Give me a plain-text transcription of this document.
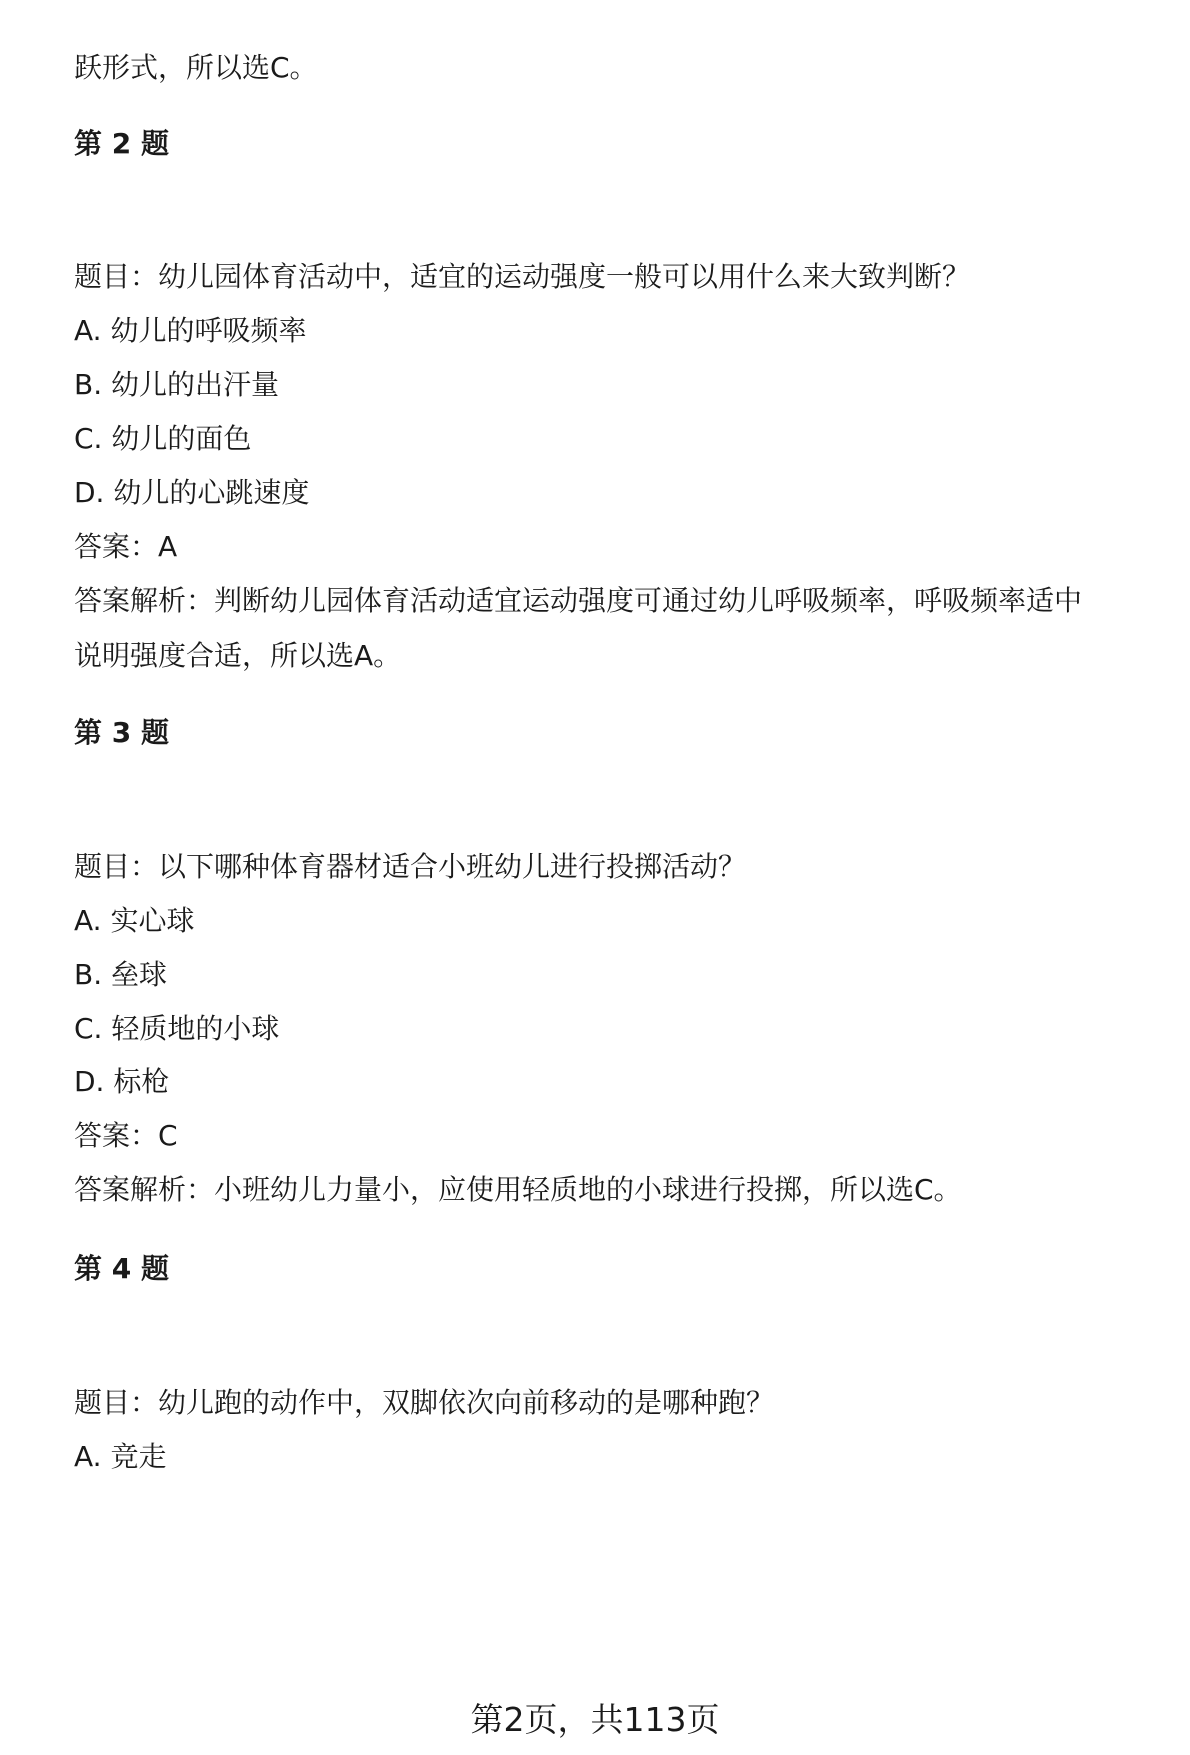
跃形式，所以选C。
第 2 题
题目：幼儿园体育活动中，适宜的运动强度一般可以用什么来大致判断？
A. 幼儿的呼吸频率
B. 幼儿的出汗量
C. 幼儿的面色
D. 幼儿的心跳速度
答案：A
答案解析：判断幼儿园体育活动适宜运动强度可通过幼儿呼吸频率，呼吸频率适中
说明强度合适，所以选A。
第 3 题
题目：以下哪种体育器材适合小班幼儿进行投掷活动？
A. 实心球
B. 垒球
C. 轻质地的小球
D. 标枪
答案：C
答案解析：小班幼儿力量小，应使用轻质地的小球进行投掷，所以选C。
第 4 题
题目：幼儿跑的动作中，双脚依次向前移动的是哪种跑？
A. 竞走
第2页，共113页
